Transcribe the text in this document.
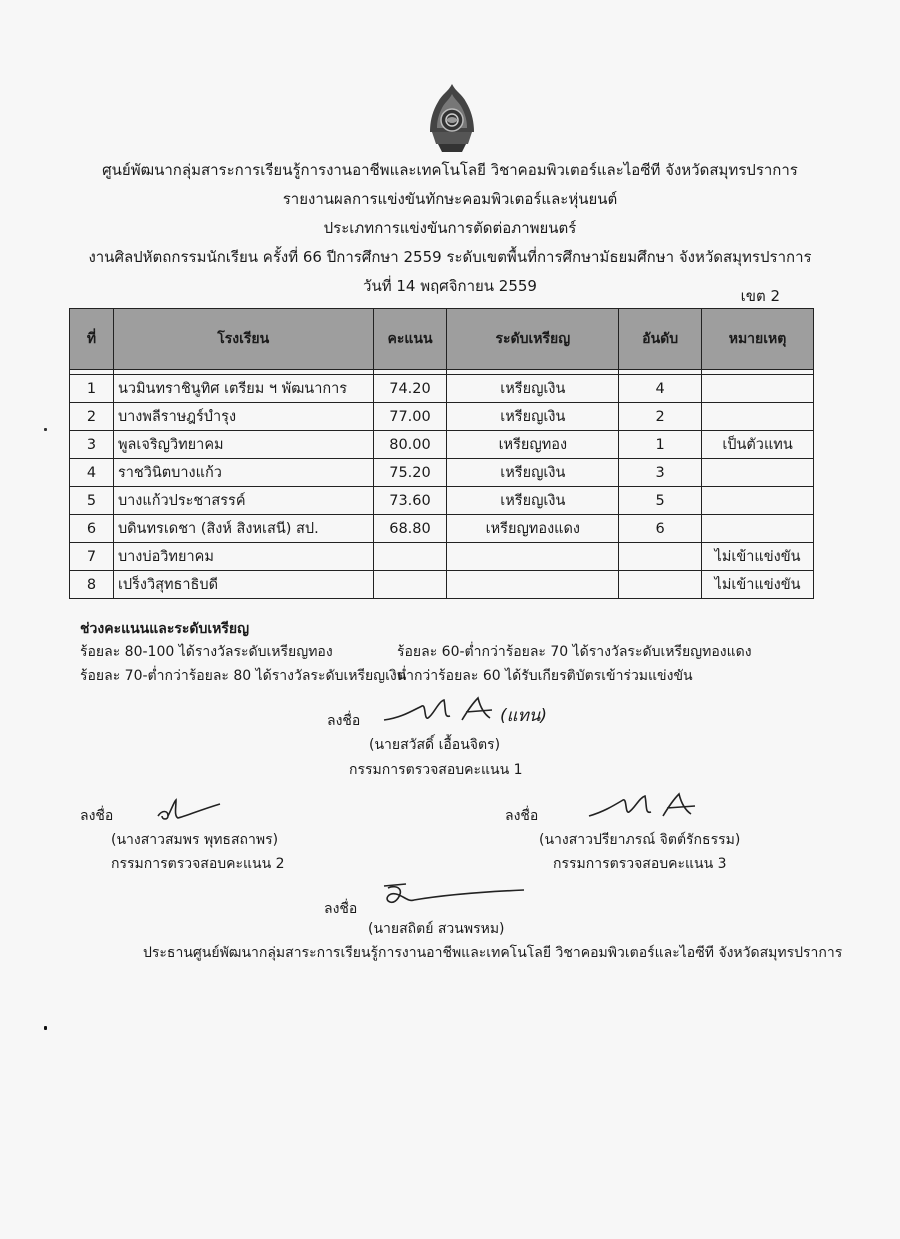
ศูนย์พัฒนากลุ่มสาระการเรียนรู้การงานอาชีพและเทคโนโลยี วิชาคอมพิวเตอร์และไอซีที จังหวัดสมุทรปราการ
รายงานผลการแข่งขันทักษะคอมพิวเตอร์และหุ่นยนต์
ประเภทการแข่งขันการตัดต่อภาพยนตร์
งานศิลปหัตถกรรมนักเรียน ครั้งที่ 66 ปีการศึกษา 2559 ระดับเขตพื้นที่การศึกษามัธยมศึกษา จังหวัดสมุทรปราการ
วันที่ 14 พฤศจิกายน 2559
เขต 2
ที่	โรงเรียน	คะแนน	ระดับเหรียญ	อันดับ	หมายเหตุ

1	นวมินทราชินูทิศ เตรียม ฯ พัฒนาการ	74.20	เหรียญเงิน	4	
2	บางพลีราษฎร์บำรุง	77.00	เหรียญเงิน	2	
3	พูลเจริญวิทยาคม	80.00	เหรียญทอง	1	เป็นตัวแทน
4	ราชวินิตบางแก้ว	75.20	เหรียญเงิน	3	
5	บางแก้วประชาสรรค์	73.60	เหรียญเงิน	5	
6	บดินทรเดชา (สิงห์ สิงหเสนี) สป.	68.80	เหรียญทองแดง	6	
7	บางบ่อวิทยาคม				ไม่เข้าแข่งขัน
8	เปร็งวิสุทธาธิบดี				ไม่เข้าแข่งขัน
ช่วงคะแนนและระดับเหรียญ
ร้อยละ 80-100 ได้รางวัลระดับเหรียญทอง
ร้อยละ 70-ต่ำกว่าร้อยละ 80 ได้รางวัลระดับเหรียญเงิน
ร้อยละ 60-ต่ำกว่าร้อยละ 70 ได้รางวัลระดับเหรียญทองแดง
ต่ำกว่าร้อยละ 60 ได้รับเกียรติบัตรเข้าร่วมแข่งขัน
ลงชื่อ	(แทน)
(นายสวัสดิ์ เอื้อนจิตร)
กรรมการตรวจสอบคะแนน 1
ลงชื่อ
(นางสาวสมพร พุทธสถาพร)
กรรมการตรวจสอบคะแนน 2
ลงชื่อ
(นางสาวปรียาภรณ์ จิตต์รักธรรม)
กรรมการตรวจสอบคะแนน 3
ลงชื่อ
(นายสถิตย์ สวนพรหม)
ประธานศูนย์พัฒนากลุ่มสาระการเรียนรู้การงานอาชีพและเทคโนโลยี วิชาคอมพิวเตอร์และไอซีที จังหวัดสมุทรปราการ
